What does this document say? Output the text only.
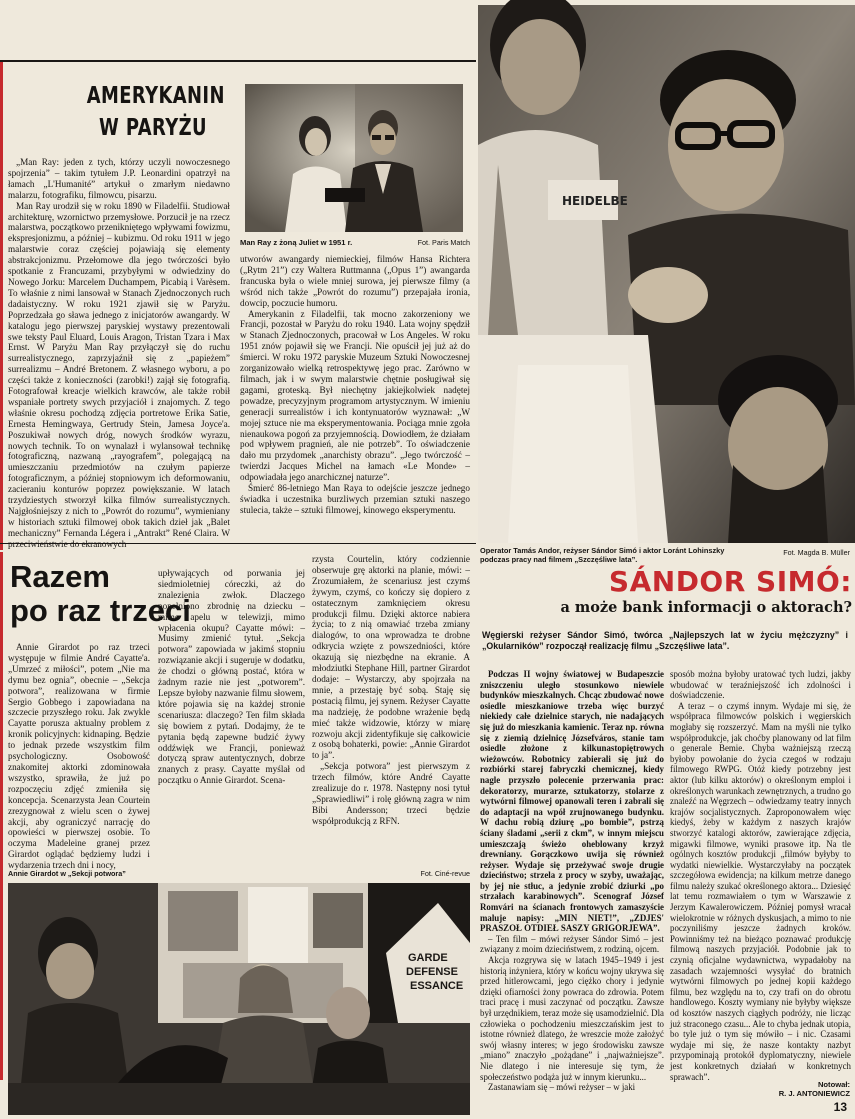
AMERYKANIN
W PARYŻU
Man Ray z żoną Juliet w 1951 r.	Fot. Paris Match

„Man Ray: jeden z tych, którzy uczyli nowoczesnego spojrzenia” – takim tytułem J.P. Leonardini opatrzył na łamach „L'Humanité” artykuł o zmarłym niedawno malarzu, fotografiku, filmowcu, pisarzu.

Man Ray urodził się w roku 1890 w Filadelfii. Studiował architekturę, wzornictwo przemysłowe. Porzucił je na rzecz malarstwa, początkowo przenikniętego wpływami fowizmu, ekspresjonizmu, a później – kubizmu. Od roku 1911 w jego malarstwie coraz częściej pojawiają się elementy abstrakcjonizmu. Przełomowe dla jego twórczości było spotkanie z Francuzami, przybyłymi w odwiedziny do Nowego Jorku: Marcelem Duchampem, Picabią i Varèsem. To właśnie z nimi lansował w Stanach Zjednoczonych ruch dadaistyczny. W roku 1921 zjawił się w Paryżu. Poprzedzała go sława jednego z inicjatorów awangardy. W katalogu jego pierwszej paryskiej wystawy prezentowali swe teksty Paul Eluard, Louis Aragon, Tristan Tzara i Max Ernst. W Paryżu Man Ray przyłączył się do ruchu surrealistycznego, zaprzyjaźnił się z „papieżem” surrealizmu – André Bretonem. Z własnego wyboru, a po części także z konieczności (zarobki!) zajął się fotografią. Fotografował kreacje wielkich krawców, ale także robił wspaniałe portrety swych przyjaciół i znajomych. Z tego właśnie okresu pochodzą zdjęcia portretowe Erika Satie, Ernesta Hemingwaya, Gertrudy Stein, Jamesa Joyce'a. Poszukiwał nowych dróg, nowych środków wyrazu, nowych technik. To on wynalazł i wylansował technikę fotograficzną, nazwaną „rayografem”, polegającą na umieszczaniu przedmiotów na czułym papierze fotograficznym, a później stopniowym ich deformowaniu, zacieraniu konturów poprzez powiększanie. W latach trzydziestych stworzył kilka filmów surrealistycznych. Najgłośniejszy z nich to „Powrót do rozumu”, wymieniany w historiach sztuki filmowej obok takich dzieł jak „Balet mechaniczny” Fernanda Légera i „Antrakt” René Claira. W

utworów awangardy niemieckiej, filmów Hansa Richtera („Rytm 21”) czy Waltera Ruttmanna („Opus 1”) awangarda francuska była o wiele mniej surowa, jej pierwsze filmy (a wśród nich także „Powrót do rozumu”) przepajała ironia, dowcip, poczucie humoru.

Amerykanin z Filadelfii, tak mocno zakorzeniony we Francji, pozostał w Paryżu do roku 1940. Lata wojny spędził w Stanach Zjednoczonych, pracował w Los Angeles. W roku 1951 znów pojawił się we Francji. Nie opuścił jej już aż do śmierci. W roku 1972 paryskie Muzeum Sztuki Nowoczesnej zorganizowało wielką retrospektywę jego prac. Zarówno w filmach, jak i w swym malarstwie chętnie posługiwał się gagami, groteską. Był niechętny jakiejkolwiek nadętej powadze, precyzyjnym programom artystycznym. W imieniu generacji surrealistów i ich kontynuatorów wyznawał: „W mojej sztuce nie ma eksperymentowania. Pociąga mnie zgoła nienaukowa pogoń za przyjemnością. Dowiodłem, że działam pod wpływem pragnień, ale nie potrzeb”. To oświadczenie dało mu przydomek „anarchisty obrazu”. „Jego twórczość – twierdzi Jacques Michel na łamach «Le Monde» – odpowiadała jego anarchicznej naturze”.

Śmierć 86-letniego Man Raya to odejście jeszcze jednego świadka i uczestnika burzliwych przemian sztuki naszego stulecia, także – sztuki filmowej, kinowego eksperymentu.

HEIDELBE
Operator Tamás Andor, reżyser Sándor Simó i aktor Loránt Lohinszky podczas pracy nad filmem „Szczęśliwe lata”.
Fot. Magda B. Müller
Razem
po raz trzeci

Annie Girardot po raz trzeci występuje w filmie André Cayatte'a. „Umrzeć z miłości”, potem „Nie ma dymu bez ognia”, obecnie – „Sekcja potwora”, realizowana w firmie Sergio Gobbego i zapowiadana na szczecie przyszłego roku. Jak zwykle Cayatte porusza aktualny problem z kronik policyjnych: kidnaping. Będzie to jednak przede wszystkim film psychologiczny. Osobowość znakomitej aktorki zdominowała wszystko, sprawiła, że już po rozpoczęciu zdjęć zmieniła się koncepcja. Scenarzysta Jean Courtein zrezygnował z wielu scen o żywej akcji, aby ograniczyć narrację do opowieści w pierwszej osobie. To oczyma Madeleine granej przez Girardot oglądać będziemy ludzi i wydarzenia trzech dni i nocy,

upływających od porwania jej siedmioletniej córeczki, aż do znalezienia zwłok. Dlaczego popełniono zbrodnię na dziecku – mimo apelu w telewizji, mimo wpłacenia okupu? Cayatte mówi: – Musimy zmienić tytuł. „Sekcja potwora” zapowiada w jakimś stopniu rozwiązanie akcji i sugeruje w dodatku, że chodzi o główną postać, która w żadnym razie nie jest „potworem”. Lepsze byłoby nazwanie filmu słowem, które pojawia się na każdej stronie scenariusza: dlaczego? Ten film składa się bowiem z pytań. Dodajmy, że te pytania będą zapewne budzić żywy oddźwięk we Francji, ponieważ dotyczą spraw autentycznych, dobrze znanych z prasy. Cayatte myślał od początku o Annie Girardot. Scena-

rzysta Courtelin, który codziennie obserwuje grę aktorki na planie, mówi: – Zrozumiałem, że scenariusz jest czymś żywym, czymś, co kończy się dopiero z ostatecznym zamknięciem okresu produkcji filmu. Dzięki aktorce nabiera życia; to z nią omawiać trzeba zmiany dialogów, to ona wprowadza te drobne odkrycia wzięte z powszedniości, które okazują się niezbędne na ekranie. A młodziutki Stephane Hill, partner Girardot dodaje: – Wystarczy, aby spojrzała na mnie, a przestaję być sobą. Staję się postacią filmu, jej synem. Reżyser Cayatte ma nadzieję, że podobne wrażenie będą mieć także widzowie, którzy w miarę rozwoju akcji zidentyfikuje się całkowicie z osobą bohaterki, powie: „Annie Girardot to ja”.

„Sekcja potwora” jest pierwszym z trzech filmów, które André Cayatte zrealizuje do r. 1978. Następny nosi tytuł „Sprawiedliwi” i rolę główną zagra w nim Bibi Andersson; trzeci będzie współprodukcją z RFN.

Annie Girardot w „Sekcji potwora”	Fot. Ciné-revue
GARDE
DEFENSE
ESSANCE
SÁNDOR SIMÓ:
a może bank informacji o aktorach?
Węgierski reżyser Sándor Simó, twórca „Najlepszych lat w życiu mężczyzny” i „Okularników” rozpoczął realizację filmu „Szczęśliwe lata”.

Podczas II wojny światowej w Budapeszcie zniszczeniu uległo stosunkowo niewiele budynków mieszkalnych. Chcąc zbudować nowe osiedle mieszkaniowe trzeba więc burzyć niekiedy całe dzielnice starych, nie nadających się już do mieszkania kamienic. Teraz np. równa się z ziemią dzielnicę Józsefváros, stanie tam osiedle złożone z kilkunastopiętrowych wieżowców. Robotnicy zabierali się już do rozbiórki starej fabryczki chemicznej, kiedy nagle przyszło polecenie przerwania prac: dekoratorzy, murarze, sztukatorzy, stolarze z wytwórni filmowej opanowali teren i zabrali się do adaptacji na wpół zrujnowanego budynku. W dachu robią dziurę „po bombie”, pstrzą ściany śladami „serii z ckm”, w innym miejscu umieszczają świeżo oheblowany krzyż drewniany. Gorączkowo uwija się również reżyser. Wydaje się przeżywać swoje drugie dzieciństwo; strzela z procy w szyby, uważając, by jej nie stłuc, a jedynie zrobić dziurki „po strzałach karabinowych”. Scenograf József Romvári na ścianach frontowych zamaszyście maluje napisy: „MIN NIET!”, „ZDJES' PRASZOŁ OTDIEŁ SASZY GRIGORJEWA”.

– Ten film – mówi reżyser Sándor Simó – jest związany z moim dzieciństwem, z rodziną, ojcem.

Akcja rozgrywa się w latach 1945–1949 i jest historią inżyniera, który w końcu wojny ukrywa się przed hitlerowcami, jego ciężko chory i jedynie dzięki ofiarności żony powraca do zdrowia. Potem traci pracę i musi zaczynać od początku. Zawsze był urzędnikiem, teraz może się usamodzielnić. Dla człowieka o pochodzeniu mieszczańskim jest to istotne również dlatego, że wreszcie może założyć swój własny interes; w jego środowisku zawsze „miano” znaczyło „pożądane” i „najważniejsze”. Nie dlatego i nie interesuje się tym, że społeczeństwo podąża już w innym kierunku...

Zastanawiam się – mówi reżyser – w jaki

sposób można byłoby uratować tych ludzi, jakby wbudować w teraźniejszość ich zdolności i doświadczenie.

A teraz – o czymś innym. Wydaje mi się, że współpraca filmowców polskich i węgierskich mogłaby się rozszerzyć. Mam na myśli nie tylko współprodukcje, jak choćby planowany od lat film o generale Bemie. Chyba ważniejszą rzeczą byłoby powołanie do życia czegoś w rodzaju filmowego RWPG. Otóż kiedy potrzebny jest aktor (lub kilku aktorów) o określonym emploi i określonych warunkach zewnętrznych, a trudno go znaleźć na Węgrzech – odwiedzamy teatry innych krajów socjalistycznych. Zaproponowałem więc kiedyś, żeby w każdym z naszych krajów stworzyć katalogi aktorów, zawierające zdjęcia, migawki filmowe, wyniki prasowe itp. Na tle ogólnych kosztów produkcji „filmów byłyby to wydatki niewielkie. Wystarczyłaby na początek szczegółowa ewidencja; na kilkum metrze danego filmu należy szukać określonego aktora... Dziesięć lat temu rozmawiałem o tym w Warszawie z Jerzym Kawalerowiczem. Później pomysł wracał wielokrotnie w różnych dyskusjach, a mimo to nie poczyniliśmy jeszcze żadnych kroków. Powinniśmy też na bieżąco poznawać produkcję filmową naszych przyjaciół. Podobnie jak to czynią oficjalne wydawnictwa, wypadałoby na zasadach wzajemności wysyłać do bratnich wytwórni filmowych po jednej kopii każdego filmu, bez względu na to, czy trafi on do obrotu handlowego. Koszty wymiany nie byłyby większe od kosztów naszych ciągłych podróży, nie licząc już straconego czasu... Ale to chyba jednak utopia, bo tyle już o tym się mówiło – i nic. Czasami wydaje mi się, że nasze kontakty nazbyt przypominają protokół dyplomatyczny, niewiele jest konkretnych działań w konkretnych sprawach”.

Notował:
R. J. ANTONIEWICZ
13
